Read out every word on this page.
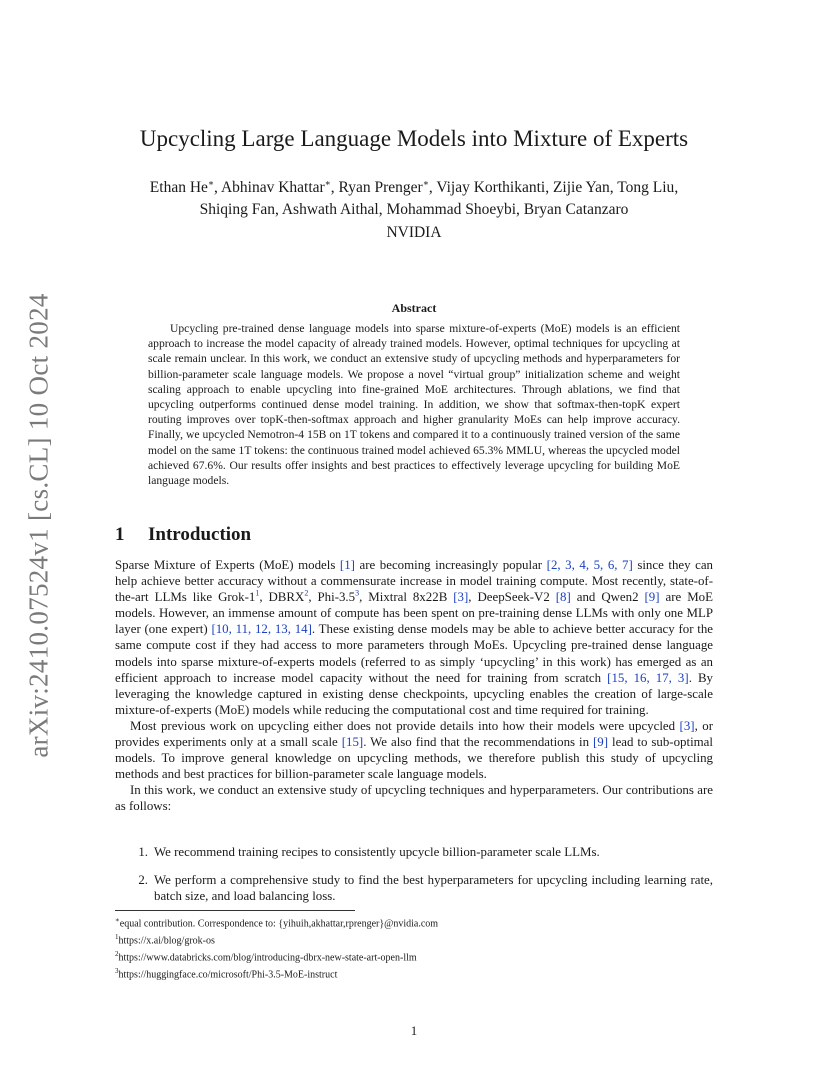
arXiv:2410.07524v1 [cs.CL] 10 Oct 2024
Upcycling Large Language Models into Mixture of Experts
Ethan He∗, Abhinav Khattar∗, Ryan Prenger∗, Vijay Korthikanti, Zijie Yan, Tong Liu,
Shiqing Fan, Ashwath Aithal, Mohammad Shoeybi, Bryan Catanzaro
NVIDIA
Abstract
Upcycling pre-trained dense language models into sparse mixture-of-experts (MoE) models is an efficient approach to increase the model capacity of already trained models. However, optimal techniques for upcycling at scale remain unclear. In this work, we conduct an extensive study of upcycling methods and hyperparameters for billion-parameter scale language models. We propose a novel “virtual group” initialization scheme and weight scaling approach to enable upcycling into fine-grained MoE architectures. Through ablations, we find that upcycling outperforms continued dense model training. In addition, we show that softmax-then-topK expert routing improves over topK-then-softmax approach and higher granularity MoEs can help improve accuracy. Finally, we upcycled Nemotron-4 15B on 1T tokens and compared it to a continuously trained version of the same model on the same 1T tokens: the continuous trained model achieved 65.3% MMLU, whereas the upcycled model achieved 67.6%. Our results offer insights and best practices to effectively leverage upcycling for building MoE language models.
1 Introduction

Sparse Mixture of Experts (MoE) models [1] are becoming increasingly popular [2, 3, 4, 5, 6, 7] since they can help achieve better accuracy without a commensurate increase in model training compute. Most recently, state-of-the-art LLMs like Grok-1$^1$, DBRX$^2$, Phi-3.5$^3$, Mixtral 8x22B [3], DeepSeek-V2 [8] and Qwen2 [9] are MoE models. However, an immense amount of compute has been spent on pre-training dense LLMs with only one MLP layer (one expert) [10, 11, 12, 13, 14]. These existing dense models may be able to achieve better accuracy for the same compute cost if they had access to more parameters through MoEs. Upcycling pre-trained dense language models into sparse mixture-of-experts models (referred to as simply ‘upcycling’ in this work) has emerged as an efficient approach to increase model capacity without the need for training from scratch [15, 16, 17, 3]. By leveraging the knowledge captured in existing dense checkpoints, upcycling enables the creation of large-scale mixture-of-experts (MoE) models while reducing the computational cost and time required for training.

Most previous work on upcycling either does not provide details into how their models were upcycled [3], or provides experiments only at a small scale [15]. We also find that the recommendations in [9] lead to sub-optimal models. To improve general knowledge on upcycling methods, we therefore publish this study of upcycling methods and best practices for billion-parameter scale language models.

In this work, we conduct an extensive study of upcycling techniques and hyperparameters. Our contributions are as follows:

1. We recommend training recipes to consistently upcycle billion-parameter scale LLMs.
2. We perform a comprehensive study to find the best hyperparameters for upcycling including learning rate, batch size, and load balancing loss.
∗equal contribution. Correspondence to: {yihuih,akhattar,rprenger}@nvidia.com
$^1$https://x.ai/blog/grok-os
$^2$https://www.databricks.com/blog/introducing-dbrx-new-state-art-open-llm
$^3$https://huggingface.co/microsoft/Phi-3.5-MoE-instruct
1
